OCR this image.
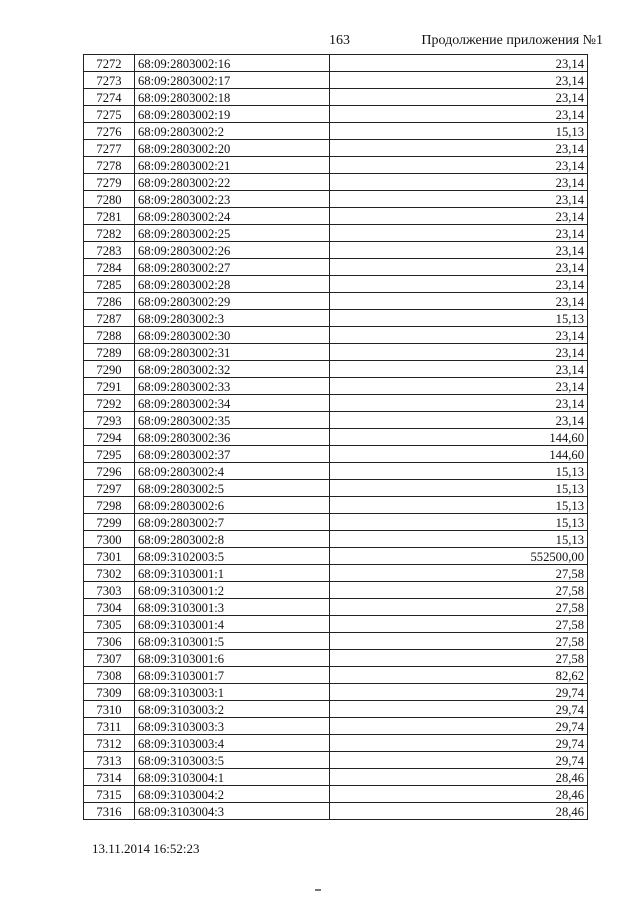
163	Продолжение приложения №1
7272	68:09:2803002:16	23,14
7273	68:09:2803002:17	23,14
7274	68:09:2803002:18	23,14
7275	68:09:2803002:19	23,14
7276	68:09:2803002:2	15,13
7277	68:09:2803002:20	23,14
7278	68:09:2803002:21	23,14
7279	68:09:2803002:22	23,14
7280	68:09:2803002:23	23,14
7281	68:09:2803002:24	23,14
7282	68:09:2803002:25	23,14
7283	68:09:2803002:26	23,14
7284	68:09:2803002:27	23,14
7285	68:09:2803002:28	23,14
7286	68:09:2803002:29	23,14
7287	68:09:2803002:3	15,13
7288	68:09:2803002:30	23,14
7289	68:09:2803002:31	23,14
7290	68:09:2803002:32	23,14
7291	68:09:2803002:33	23,14
7292	68:09:2803002:34	23,14
7293	68:09:2803002:35	23,14
7294	68:09:2803002:36	144,60
7295	68:09:2803002:37	144,60
7296	68:09:2803002:4	15,13
7297	68:09:2803002:5	15,13
7298	68:09:2803002:6	15,13
7299	68:09:2803002:7	15,13
7300	68:09:2803002:8	15,13
7301	68:09:3102003:5	552500,00
7302	68:09:3103001:1	27,58
7303	68:09:3103001:2	27,58
7304	68:09:3103001:3	27,58
7305	68:09:3103001:4	27,58
7306	68:09:3103001:5	27,58
7307	68:09:3103001:6	27,58
7308	68:09:3103001:7	82,62
7309	68:09:3103003:1	29,74
7310	68:09:3103003:2	29,74
7311	68:09:3103003:3	29,74
7312	68:09:3103003:4	29,74
7313	68:09:3103003:5	29,74
7314	68:09:3103004:1	28,46
7315	68:09:3103004:2	28,46
7316	68:09:3103004:3	28,46
13.11.2014 16:52:23
